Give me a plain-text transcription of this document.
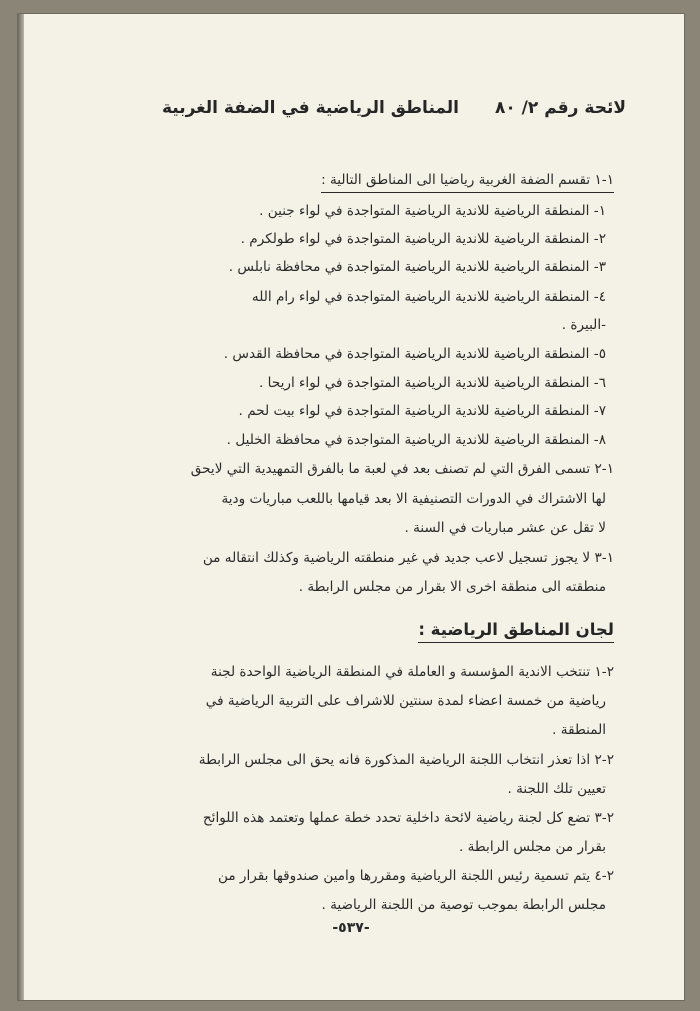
لائحة رقم ٢/ ٨٠المناطق الرياضية في الضفة الغربية
١-١ تقسم الضفة الغربية رياضيا الى المناطق التالية :
١- المنطقة الرياضية للاندية الرياضية المتواجدة في لواء جنين .
٢- المنطقة الرياضية للاندية الرياضية المتواجدة في لواء طولكرم .
٣- المنطقة الرياضية للاندية الرياضية المتواجدة في محافظة نابلس .
٤- المنطقة الرياضية للاندية الرياضية المتواجدة في لواء رام الله
-البيرة .
٥- المنطقة الرياضية للاندية الرياضية المتواجدة في محافظة القدس .
٦- المنطقة الرياضية للاندية الرياضية المتواجدة في لواء اريحا .
٧- المنطقة الرياضية للاندية الرياضية المتواجدة في لواء بيت لحم .
٨- المنطقة الرياضية للاندية الرياضية المتواجدة في محافظة الخليل .
١-٢ تسمى الفرق التي لم تصنف بعد في لعبة ما بالفرق التمهيدية التي لايحق
لها الاشتراك في الدورات التصنيفية الا بعد قيامها باللعب مباريات ودية
لا تقل عن عشر مباريات في السنة .
١-٣ لا يجوز تسجيل لاعب جديد في غير منطقته الرياضية وكذلك انتقاله من
منطقته الى منطقة اخرى الا بقرار من مجلس الرابطة .
لجان المناطق الرياضية :
٢-١ تنتخب الاندية المؤسسة و العاملة في المنطقة الرياضية الواحدة لجنة
رياضية من خمسة اعضاء لمدة سنتين للاشراف على التربية الرياضية في
المنطقة .
٢-٢ اذا تعذر انتخاب اللجنة الرياضية المذكورة فانه يحق الى مجلس الرابطة
تعيين تلك اللجنة .
٢-٣ تضع كل لجنة رياضية لائحة داخلية تحدد خطة عملها وتعتمد هذه اللوائح
بقرار من مجلس الرابطة .
٢-٤ يتم تسمية رئيس اللجنة الرياضية ومقررها وامين صندوقها بقرار من
مجلس الرابطة بموجب توصية من اللجنة الرياضية .
-٥٣٧-
